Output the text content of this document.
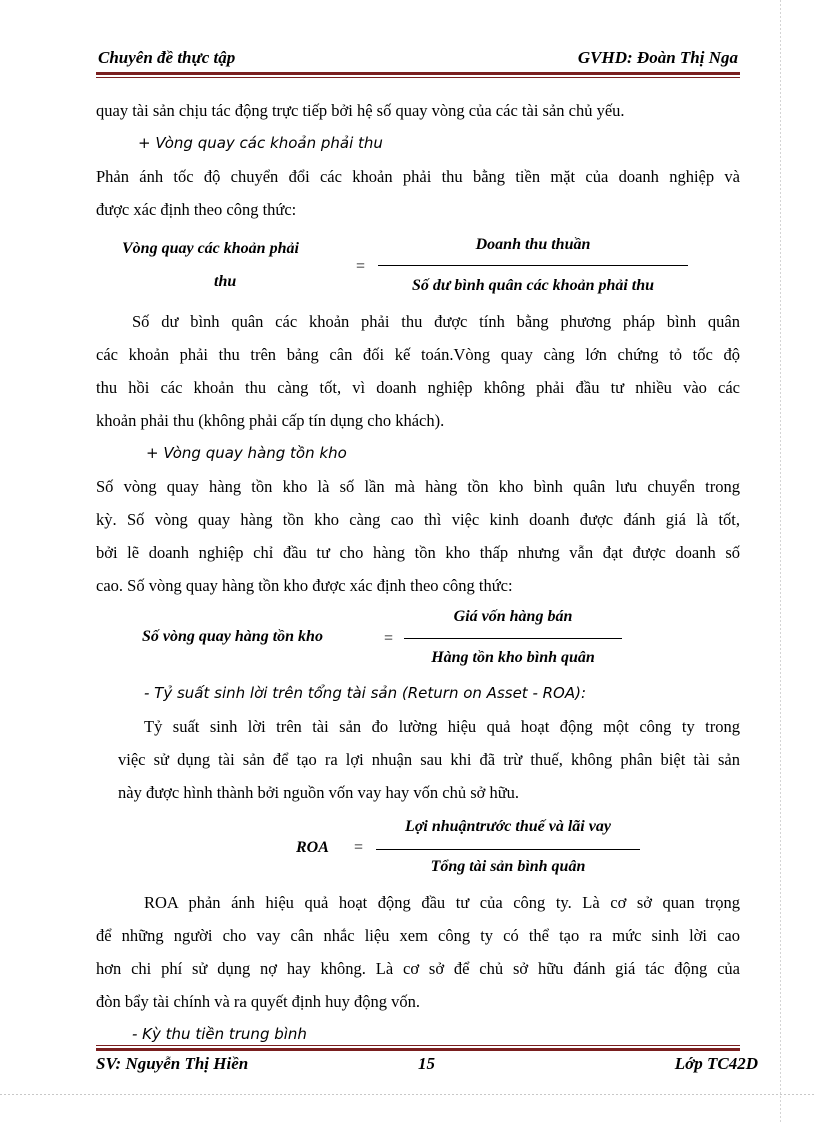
Chuyên đề thực tập	GVHD: Đoàn Thị Nga
quay tài sản chịu tác động trực tiếp bởi hệ số quay vòng của các tài sản chủ yếu.
+ Vòng quay các khoản phải thu
Phản ánh tốc độ chuyển đổi các khoản phải thu bằng tiền mặt của doanh nghiệp và
được xác định theo công thức:
Vòng quay các khoản phải
thu
=
Doanh thu thuần
Số dư bình quân các khoản phải thu
Số dư bình quân các khoản phải thu được tính bằng phương pháp bình quân
các khoản phải thu trên bảng cân đối kế toán.Vòng quay càng lớn chứng tỏ tốc độ
thu hồi các khoản thu càng tốt, vì doanh nghiệp không phải đầu tư nhiều vào các
khoản phải thu (không phải cấp tín dụng cho khách).
+ Vòng quay hàng tồn kho
Số vòng quay hàng tồn kho là số lần mà hàng tồn kho bình quân lưu chuyển trong
kỳ. Số vòng quay hàng tồn kho càng cao thì việc kinh doanh được đánh giá là tốt,
bởi lẽ doanh nghiệp chỉ đầu tư cho hàng tồn kho thấp nhưng vẫn đạt được doanh số
cao. Số vòng quay hàng tồn kho được xác định theo công thức:
Số vòng quay hàng tồn kho	=
Giá vốn hàng bán
Hàng tồn kho bình quân
- Tỷ suất sinh lời trên tổng tài sản (Return on Asset - ROA):
Tỷ suất sinh lời trên tài sản đo lường hiệu quả hoạt động một công ty trong
việc sử dụng tài sản để tạo ra lợi nhuận sau khi đã trừ thuế, không phân biệt tài sản
này được hình thành bởi nguồn vốn vay hay vốn chủ sở hữu.
ROA =
Lợi nhuậntrước thuế và lãi vay
Tổng tài sản bình quân
ROA phản ánh hiệu quả hoạt động đầu tư của công ty. Là cơ sở quan trọng
để những người cho vay cân nhắc liệu xem công ty có thể tạo ra mức sinh lời cao
hơn chi phí sử dụng nợ hay không. Là cơ sở để chủ sở hữu đánh giá tác động của
đòn bẩy tài chính và ra quyết định huy động vốn.
- Kỳ thu tiền trung bình
SV: Nguyễn Thị Hiền	15	Lớp TC42D
